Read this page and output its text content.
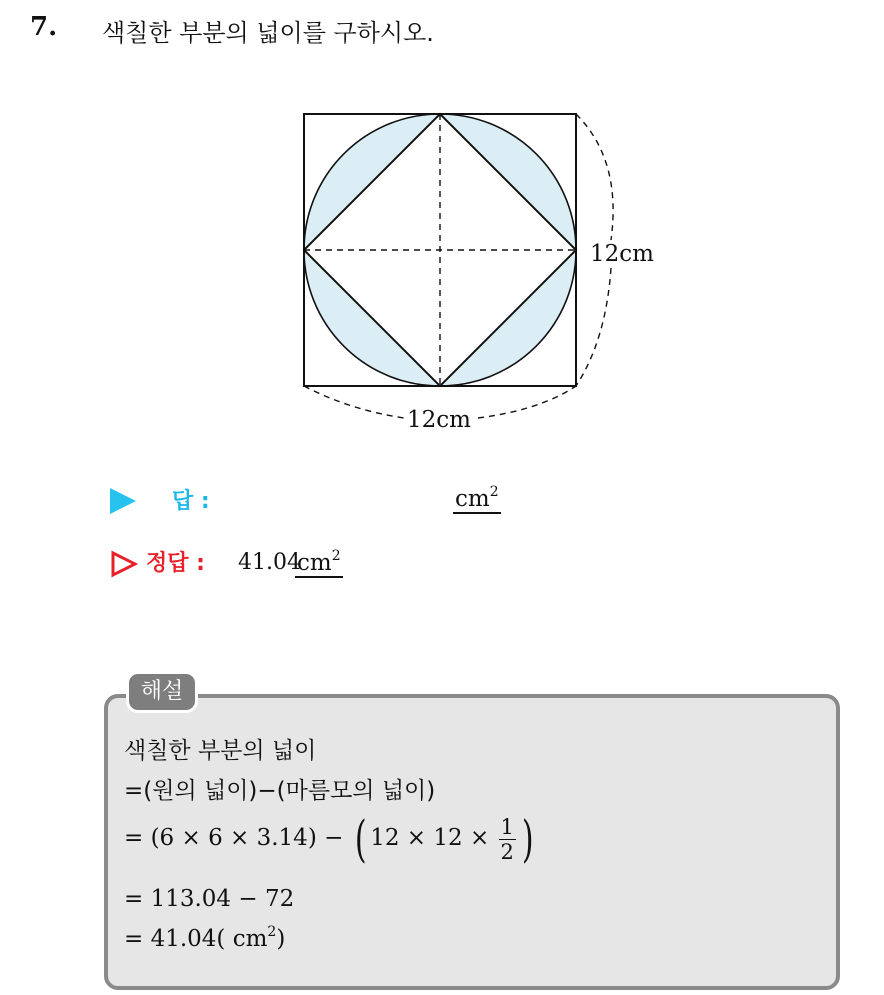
7. 색칠한 부분의 넓이를 구하시오.
12cm
12cm
답 :	$cm^2$
정답 : 41.04
$cm^2$
해설
색칠한 부분의 넓이
=(원의 넓이)−(마름모의 넓이)
= (6 × 6 × 3.14) − ( $12 \times 12 \times \frac{1}{2}$ )
= 113.04 − 72
= 41.04( $cm^2$)
